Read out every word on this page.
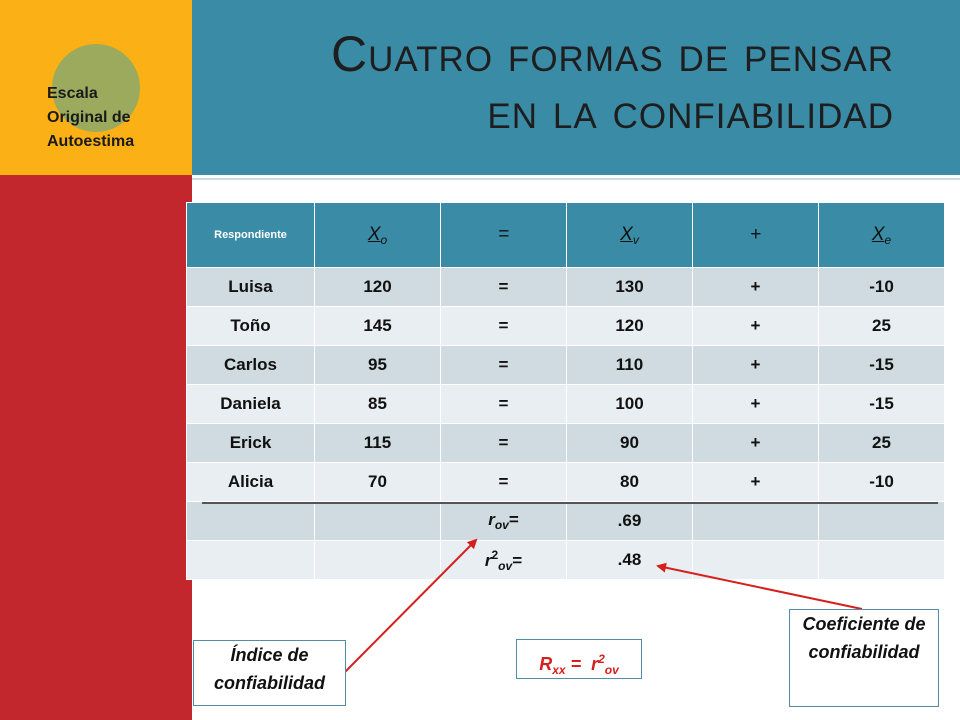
Escala
Original de
Autoestima
Cuatro formas de pensar
en la confiabilidad
Respondiente	$X_o$	=	$X_v$	+	$X_e$
Luisa	120	=	130	+	-10
Toño	145	=	120	+	25
Carlos	95	=	110	+	-15
Daniela	85	=	100	+	-15
Erick	115	=	90	+	25
Alicia	70	=	80	+	-10
		$r_{ov}=$	.69		
		$r^2_{ov}=$	.48		
Índice de confiabilidad
$R_{xx} = r^2_{ov}$
Coeficiente de confiabilidad
